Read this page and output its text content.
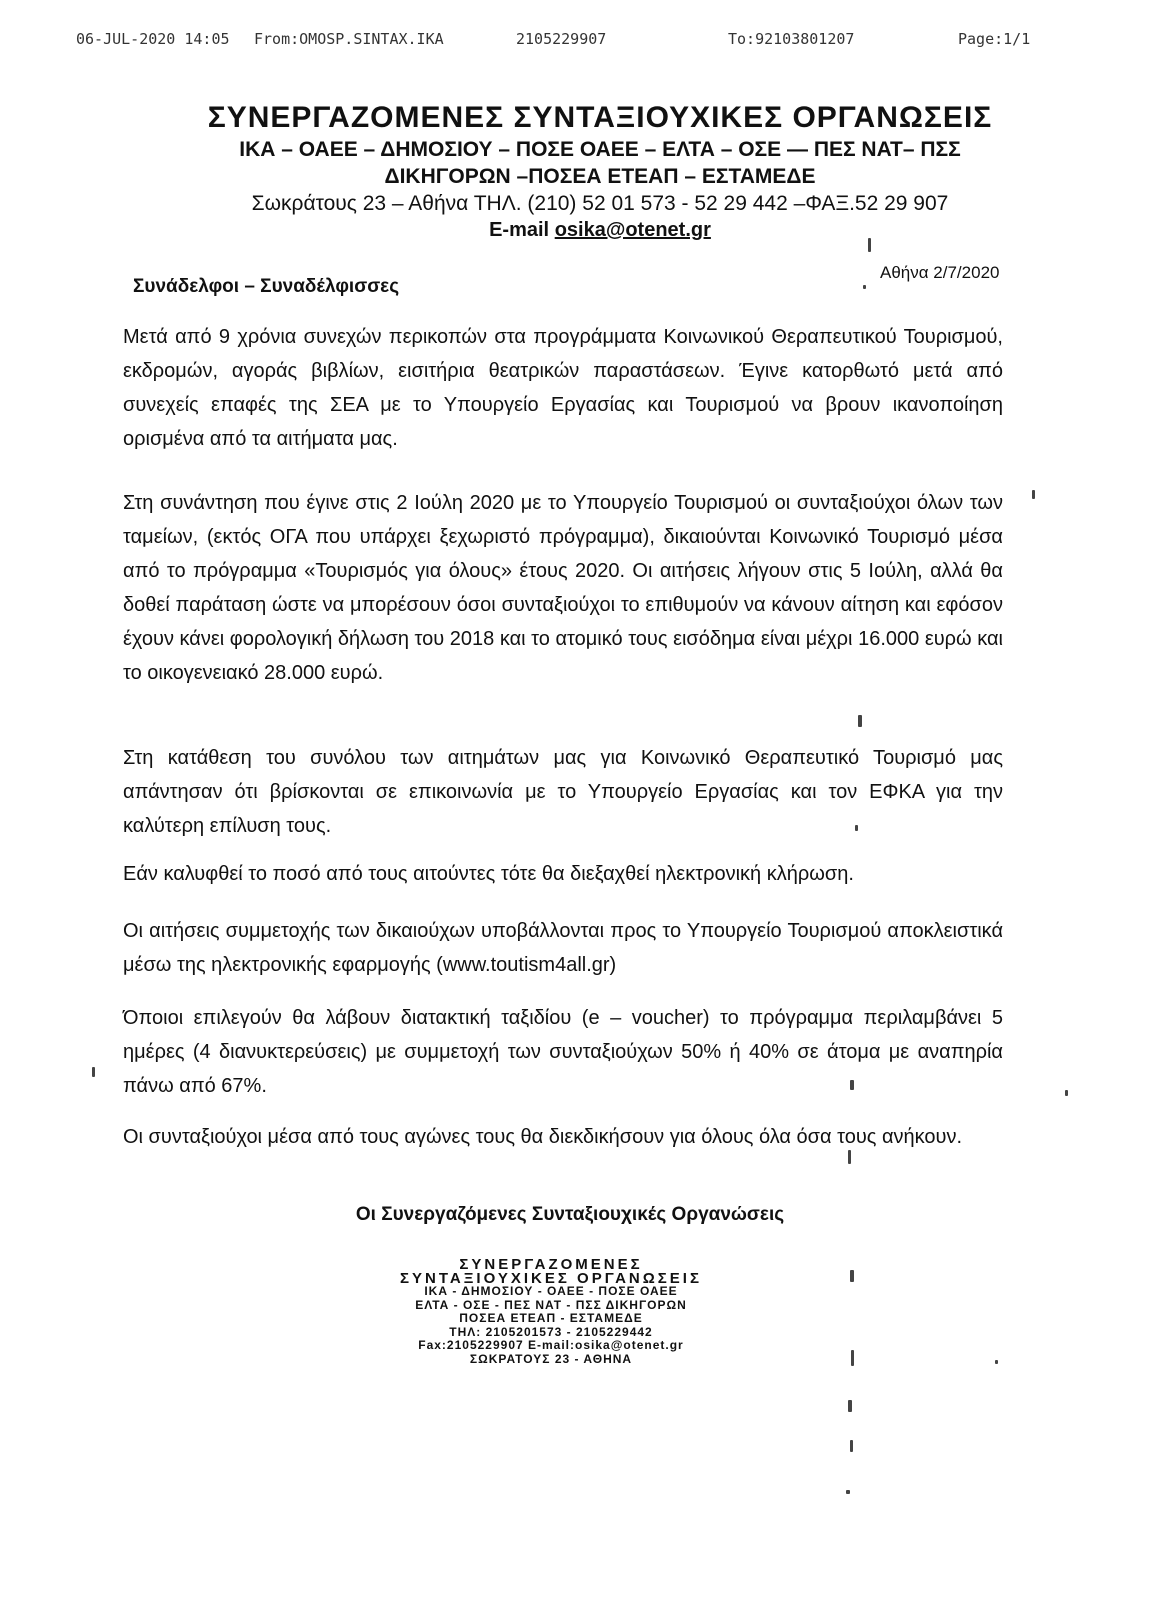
06-JUL-2020 14:05 From:OMOSP.SINTAX.IKA	2105229907	To:92103801207	Page:1/1
ΣΥΝΕΡΓΑΖΟΜΕΝΕΣ ΣΥΝΤΑΞΙΟΥΧΙΚΕΣ ΟΡΓΑΝΩΣΕΙΣ
ΙΚΑ – ΟΑΕΕ – ΔΗΜΟΣΙΟΥ – ΠΟΣΕ ΟΑΕΕ – ΕΛΤΑ – ΟΣΕ — ΠΕΣ ΝΑΤ– ΠΣΣ
ΔΙΚΗΓΟΡΩΝ –ΠΟΣΕΑ ΕΤΕΑΠ – ΕΣΤΑΜΕΔΕ
Σωκράτους 23 – Αθήνα ΤΗΛ. (210) 52 01 573 - 52 29 442 –ΦΑΞ.52 29 907
E-mail osika@otenet.gr
Αθήνα 2/7/2020
Συνάδελφοι – Συναδέλφισσες
Μετά από 9 χρόνια συνεχών περικοπών στα προγράμματα Κοινωνικού Θεραπευτικού Τουρισμού, εκδρομών, αγοράς βιβλίων, εισιτήρια θεατρικών παραστάσεων. Έγινε κατορθωτό μετά από συνεχείς επαφές της ΣΕΑ με το Υπουργείο Εργασίας και Τουρισμού να βρουν ικανοποίηση ορισμένα από τα αιτήματα μας.
Στη συνάντηση που έγινε στις 2 Ιούλη 2020 με το Υπουργείο Τουρισμού οι συνταξιούχοι όλων των ταμείων, (εκτός ΟΓΑ που υπάρχει ξεχωριστό πρόγραμμα), δικαιούνται Κοινωνικό Τουρισμό μέσα από το πρόγραμμα «Τουρισμός για όλους» έτους 2020. Οι αιτήσεις λήγουν στις 5 Ιούλη, αλλά θα δοθεί παράταση ώστε να μπορέσουν όσοι συνταξιούχοι το επιθυμούν να κάνουν αίτηση και εφόσον έχουν κάνει φορολογική δήλωση του 2018 και το ατομικό τους εισόδημα είναι μέχρι 16.000 ευρώ και το οικογενειακό 28.000 ευρώ.
Στη κατάθεση του συνόλου των αιτημάτων μας για Κοινωνικό Θεραπευτικό Τουρισμό μας απάντησαν ότι βρίσκονται σε επικοινωνία με το Υπουργείο Εργασίας και τον ΕΦΚΑ για την καλύτερη επίλυση τους.
Εάν καλυφθεί το ποσό από τους αιτούντες τότε θα διεξαχθεί ηλεκτρονική κλήρωση.
Οι αιτήσεις συμμετοχής των δικαιούχων υποβάλλονται προς το Υπουργείο Τουρισμού αποκλειστικά μέσω της ηλεκτρονικής εφαρμογής (www.toutism4all.gr)
Όποιοι επιλεγούν θα λάβουν διατακτική ταξιδίου (e – voucher) το πρόγραμμα περιλαμβάνει 5 ημέρες (4 διανυκτερεύσεις) με συμμετοχή των συνταξιούχων 50% ή 40% σε άτομα με αναπηρία πάνω από 67%.
Οι συνταξιούχοι μέσα από τους αγώνες τους θα διεκδικήσουν για όλους όλα όσα τους ανήκουν.
Οι Συνεργαζόμενες Συνταξιουχικές Οργανώσεις
ΣΥΝΕΡΓΑΖΟΜΕΝΕΣ
ΣΥΝΤΑΞΙΟΥΧΙΚΕΣ ΟΡΓΑΝΩΣΕΙΣ
ΙΚΑ - ΔΗΜΟΣΙΟΥ - ΟΑΕΕ - ΠΟΣΕ ΟΑΕΕ
ΕΛΤΑ - ΟΣΕ - ΠΕΣ ΝΑΤ - ΠΣΣ ΔΙΚΗΓΟΡΩΝ
ΠΟΣΕΑ ΕΤΕΑΠ - ΕΣΤΑΜΕΔΕ
ΤΗΛ: 2105201573 - 2105229442
Fax:2105229907 E-mail:osika@otenet.gr
ΣΩΚΡΑΤΟΥΣ 23 - ΑΘΗΝΑ
